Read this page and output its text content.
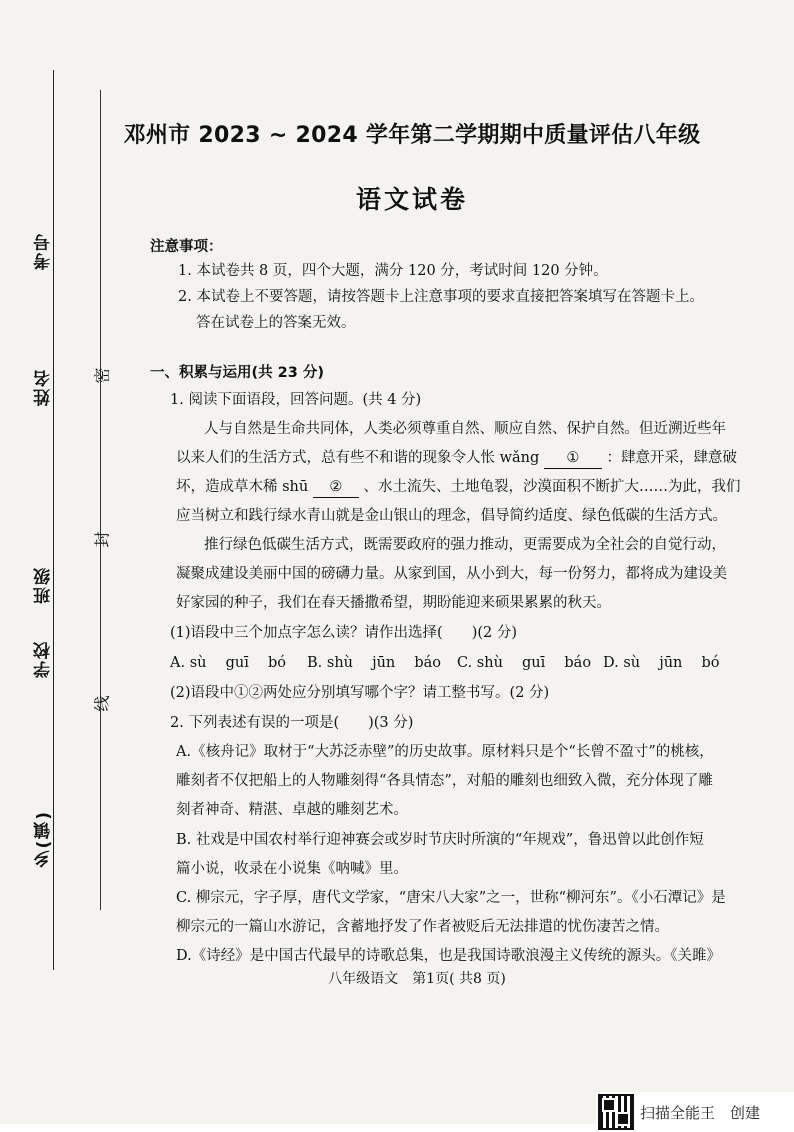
考号
姓名
班级
学校
乡(镇)
密
封
线
邓州市 2023 ~ 2024 学年第二学期期中质量评估八年级
语文试卷
注意事项：
1. 本试卷共 8 页，四个大题，满分 120 分，考试时间 120 分钟。
2. 本试卷上不要答题，请按答题卡上注意事项的要求直接把答案填写在答题卡上。
答在试卷上的答案无效。
一、积累与运用(共 23 分)
1. 阅读下面语段，回答问题。(共 4 分)
人与自然是生命共同体，人类必须尊重自然、顺应自然、保护自然。但近溯近些年
以来人们的生活方式，总有些不和谐的现象令人怅 wǎng ① ：肆意开采，肆意破
坏，造成草木稀 shū ② 、水土流失、土地龟裂，沙漠面积不断扩大……为此，我们
应当树立和践行绿水青山就是金山银山的理念，倡导简约适度、绿色低碳的生活方式。
推行绿色低碳生活方式，既需要政府的强力推动，更需要成为全社会的自觉行动，
凝聚成建设美丽中国的磅礴力量。从家到国，从小到大，每一份努力，都将成为建设美
好家园的种子，我们在春天播撒希望，期盼能迎来硕果累累的秋天。
(1)语段中三个加点字怎么读？请作出选择(　　)(2 分)
A. sù　 guī　 bó B. shù　 jūn　 báo C. shù　 guī　 báo D. sù　 jūn　 bó
(2)语段中①②两处应分别填写哪个字？请工整书写。(2 分)
2. 下列表述有误的一项是(　　)(3 分)
A.《核舟记》取材于“大苏泛赤壁”的历史故事。原材料只是个“长曾不盈寸”的桃核，
雕刻者不仅把船上的人物雕刻得“各具情态”，对船的雕刻也细致入微，充分体现了雕
刻者神奇、精湛、卓越的雕刻艺术。
B. 社戏是中国农村举行迎神赛会或岁时节庆时所演的“年规戏”，鲁迅曾以此创作短
篇小说，收录在小说集《呐喊》里。
C. 柳宗元，字子厚，唐代文学家，“唐宋八大家”之一，世称“柳河东”。《小石潭记》是
柳宗元的一篇山水游记，含蓄地抒发了作者被贬后无法排遣的忧伤凄苦之情。
D.《诗经》是中国古代最早的诗歌总集，也是我国诗歌浪漫主义传统的源头。《关雎》
八年级语文　第1页( 共8 页)
扫描全能王　创建
